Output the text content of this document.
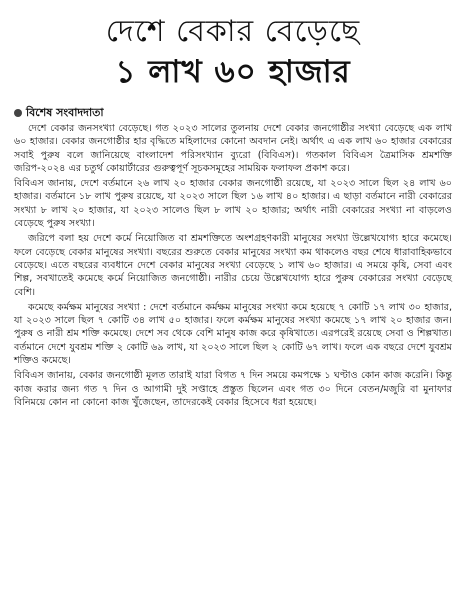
দেশে বেকার বেড়েছে
১ লাখ ৬০ হাজার
বিশেষ সংবাদদাতা

দেশে বেকার জনসংখ্যা বেড়েছে। গত ২০২৩ সালের তুলনায় দেশে বেকার জনগোষ্ঠীর সংখ্যা বেড়েছে এক লাখ ৬০ হাজার। বেকার জনগোষ্ঠীর হার বৃদ্ধিতে মহিলাদের কোনো অবদান নেই। অর্থাৎ এ এক লাখ ৬০ হাজার বেকারের সবাই পুরুষ বলে জানিয়েছে বাংলাদেশ পরিসংখ্যান ব্যুরো (বিবিএস)। গতকাল বিবিএস ত্রৈমাসিক শ্রমশক্তি জরিপ-২০২৪ এর চতুর্থ কোয়ার্টারের গুরুত্বপূর্ণ সূচকসমূহের সাময়িক ফলাফল প্রকাশ করে।

বিবিএস জানায়, দেশে বর্তমানে ২৬ লাখ ২০ হাজার বেকার জনগোষ্ঠী রয়েছে, যা ২০২৩ সালে ছিল ২৪ লাখ ৬০ হাজার। বর্তমানে ১৮ লাখ পুরুষ রয়েছে, যা ২০২৩ সালে ছিল ১৬ লাখ ৪০ হাজার। এ ছাড়া বর্তমানে নারী বেকারের সংখ্যা ৮ লাখ ২০ হাজার, যা ২০২৩ সালেও ছিল ৮ লাখ ২০ হাজার; অর্থাৎ নারী বেকারের সংখ্যা না বাড়লেও বেড়েছে পুরুষ সংখ্যা।

জরিপে বলা হয় দেশে কর্মে নিয়োজিত বা শ্রমশক্তিতে অংশগ্রহণকারী মানুষের সংখ্যা উল্লেখযোগ্য হারে কমেছে। ফলে বেড়েছে বেকার মানুষের সংখ্যা। বছরের শুরুতে বেকার মানুষের সংখ্যা কম থাকলেও বছর শেষে ধারাবাহিকভাবে বেড়েছে। এতে বছরের ব্যবধানে দেশে বেকার মানুষের সংখ্যা বেড়েছে ১ লাখ ৬০ হাজার। এ সময়ে কৃষি, সেবা এবং শিল্প, সবখাতেই কমেছে কর্মে নিয়োজিত জনগোষ্ঠী। নারীর চেয়ে উল্লেখযোগ্য হারে পুরুষ বেকারের সংখ্যা বেড়েছে বেশি।

কমেছে কর্মক্ষম মানুষের সংখ্যা : দেশে বর্তমানে কর্মক্ষম মানুষের সংখ্যা কমে হয়েছে ৭ কোটি ১৭ লাখ ৩০ হাজার, যা ২০২৩ সালে ছিল ৭ কোটি ৩৪ লাখ ৫০ হাজার। ফলে কর্মক্ষম মানুষের সংখ্যা কমেছে ১৭ লাখ ২০ হাজার জন। পুরুষ ও নারী শ্রম শক্তি কমেছে। দেশে সব থেকে বেশি মানুষ কাজ করে কৃষিখাতে। এরপরেই রয়েছে সেবা ও শিল্পখাত। বর্তমানে দেশে যুবশ্রম শক্তি ২ কোটি ৬৯ লাখ, যা ২০২৩ সালে ছিল ২ কোটি ৬৭ লাখ। ফলে এক বছরে দেশে যুবশ্রম শক্তিও কমেছে।

বিবিএস জানায়, বেকার জনগোষ্ঠী মূলত তারাই যারা বিগত ৭ দিন সময়ে কমপক্ষে ১ ঘণ্টাও কোন কাজ করেনি। কিন্তু কাজ করার জন্য গত ৭ দিন ও আগামী দুই সপ্তাহে প্রস্তুত ছিলেন এবং গত ৩০ দিনে বেতন/মজুরি বা মুনাফার বিনিময়ে কোন না কোনো কাজ খুঁজেছেন, তাদেরকেই বেকার হিসেবে ধরা হয়েছে।
